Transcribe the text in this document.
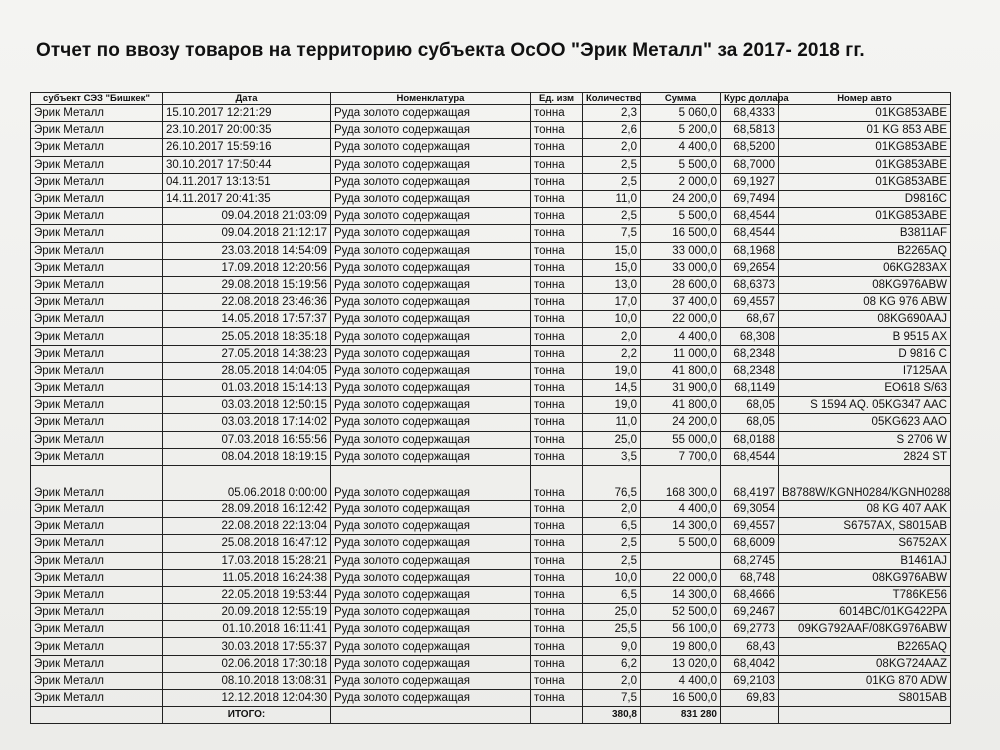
Отчет по ввозу товаров на территорию субъекта ОсОО "Эрик Металл" за 2017- 2018 гг.
субъект СЭЗ "Бишкек"	Дата	Номенклатура	Ед. изм	Количество	Сумма	Курс доллара	Номер авто
Эрик Металл	15.10.2017 12:21:29	Руда золото содержащая	тонна	2,3	5 060,0	68,4333	01KG853ABE
Эрик Металл	23.10.2017 20:00:35	Руда золото содержащая	тонна	2,6	5 200,0	68,5813	01 KG 853 ABE
Эрик Металл	26.10.2017 15:59:16	Руда золото содержащая	тонна	2,0	4 400,0	68,5200	01KG853ABE
Эрик Металл	30.10.2017 17:50:44	Руда золото содержащая	тонна	2,5	5 500,0	68,7000	01KG853ABE
Эрик Металл	04.11.2017 13:13:51	Руда золото содержащая	тонна	2,5	2 000,0	69,1927	01KG853ABE
Эрик Металл	14.11.2017 20:41:35	Руда золото содержащая	тонна	11,0	24 200,0	69,7494	D9816C
Эрик Металл	09.04.2018 21:03:09	Руда золото содержащая	тонна	2,5	5 500,0	68,4544	01KG853ABE
Эрик Металл	09.04.2018 21:12:17	Руда золото содержащая	тонна	7,5	16 500,0	68,4544	B3811AF
Эрик Металл	23.03.2018 14:54:09	Руда золото содержащая	тонна	15,0	33 000,0	68,1968	B2265AQ
Эрик Металл	17.09.2018 12:20:56	Руда золото содержащая	тонна	15,0	33 000,0	69,2654	06KG283AX
Эрик Металл	29.08.2018 15:19:56	Руда золото содержащая	тонна	13,0	28 600,0	68,6373	08KG976ABW
Эрик Металл	22.08.2018 23:46:36	Руда золото содержащая	тонна	17,0	37 400,0	69,4557	08 KG 976 ABW
Эрик Металл	14.05.2018 17:57:37	Руда золото содержащая	тонна	10,0	22 000,0	68,67	08KG690AAJ
Эрик Металл	25.05.2018 18:35:18	Руда золото содержащая	тонна	2,0	4 400,0	68,308	B 9515 AX
Эрик Металл	27.05.2018 14:38:23	Руда золото содержащая	тонна	2,2	11 000,0	68,2348	D 9816 C
Эрик Металл	28.05.2018 14:04:05	Руда золото содержащая	тонна	19,0	41 800,0	68,2348	I7125AA
Эрик Металл	01.03.2018 15:14:13	Руда золото содержащая	тонна	14,5	31 900,0	68,1149	EO618 S/63
Эрик Металл	03.03.2018 12:50:15	Руда золото содержащая	тонна	19,0	41 800,0	68,05	S 1594 AQ. 05KG347 AAC
Эрик Металл	03.03.2018 17:14:02	Руда золото содержащая	тонна	11,0	24 200,0	68,05	05KG623 AAO
Эрик Металл	07.03.2018 16:55:56	Руда золото содержащая	тонна	25,0	55 000,0	68,0188	S 2706 W
Эрик Металл	08.04.2018 18:19:15	Руда золото содержащая	тонна	3,5	7 700,0	68,4544	2824 ST
Эрик Металл	05.06.2018 0:00:00	Руда золото содержащая	тонна	76,5	168 300,0	68,4197	B8788W/KGNH0284/KGNH0288
Эрик Металл	28.09.2018 16:12:42	Руда золото содержащая	тонна	2,0	4 400,0	69,3054	08 KG 407 AAK
Эрик Металл	22.08.2018 22:13:04	Руда золото содержащая	тонна	6,5	14 300,0	69,4557	S6757AX, S8015AB
Эрик Металл	25.08.2018 16:47:12	Руда золото содержащая	тонна	2,5	5 500,0	68,6009	S6752AX
Эрик Металл	17.03.2018 15:28:21	Руда золото содержащая	тонна	2,5		68,2745	B1461AJ
Эрик Металл	11.05.2018 16:24:38	Руда золото содержащая	тонна	10,0	22 000,0	68,748	08KG976ABW
Эрик Металл	22.05.2018 19:53:44	Руда золото содержащая	тонна	6,5	14 300,0	68,4666	T786KE56
Эрик Металл	20.09.2018 12:55:19	Руда золото содержащая	тонна	25,0	52 500,0	69,2467	6014BC/01KG422PA
Эрик Металл	01.10.2018 16:11:41	Руда золото содержащая	тонна	25,5	56 100,0	69,2773	09KG792AAF/08KG976ABW
Эрик Металл	30.03.2018 17:55:37	Руда золото содержащая	тонна	9,0	19 800,0	68,43	B2265AQ
Эрик Металл	02.06.2018 17:30:18	Руда золото содержащая	тонна	6,2	13 020,0	68,4042	08KG724AAZ
Эрик Металл	08.10.2018 13:08:31	Руда золото содержащая	тонна	2,0	4 400,0	69,2103	01KG 870 ADW
Эрик Металл	12.12.2018 12:04:30	Руда золото содержащая	тонна	7,5	16 500,0	69,83	S8015AB
	ИТОГО:			380,8	831 280		
